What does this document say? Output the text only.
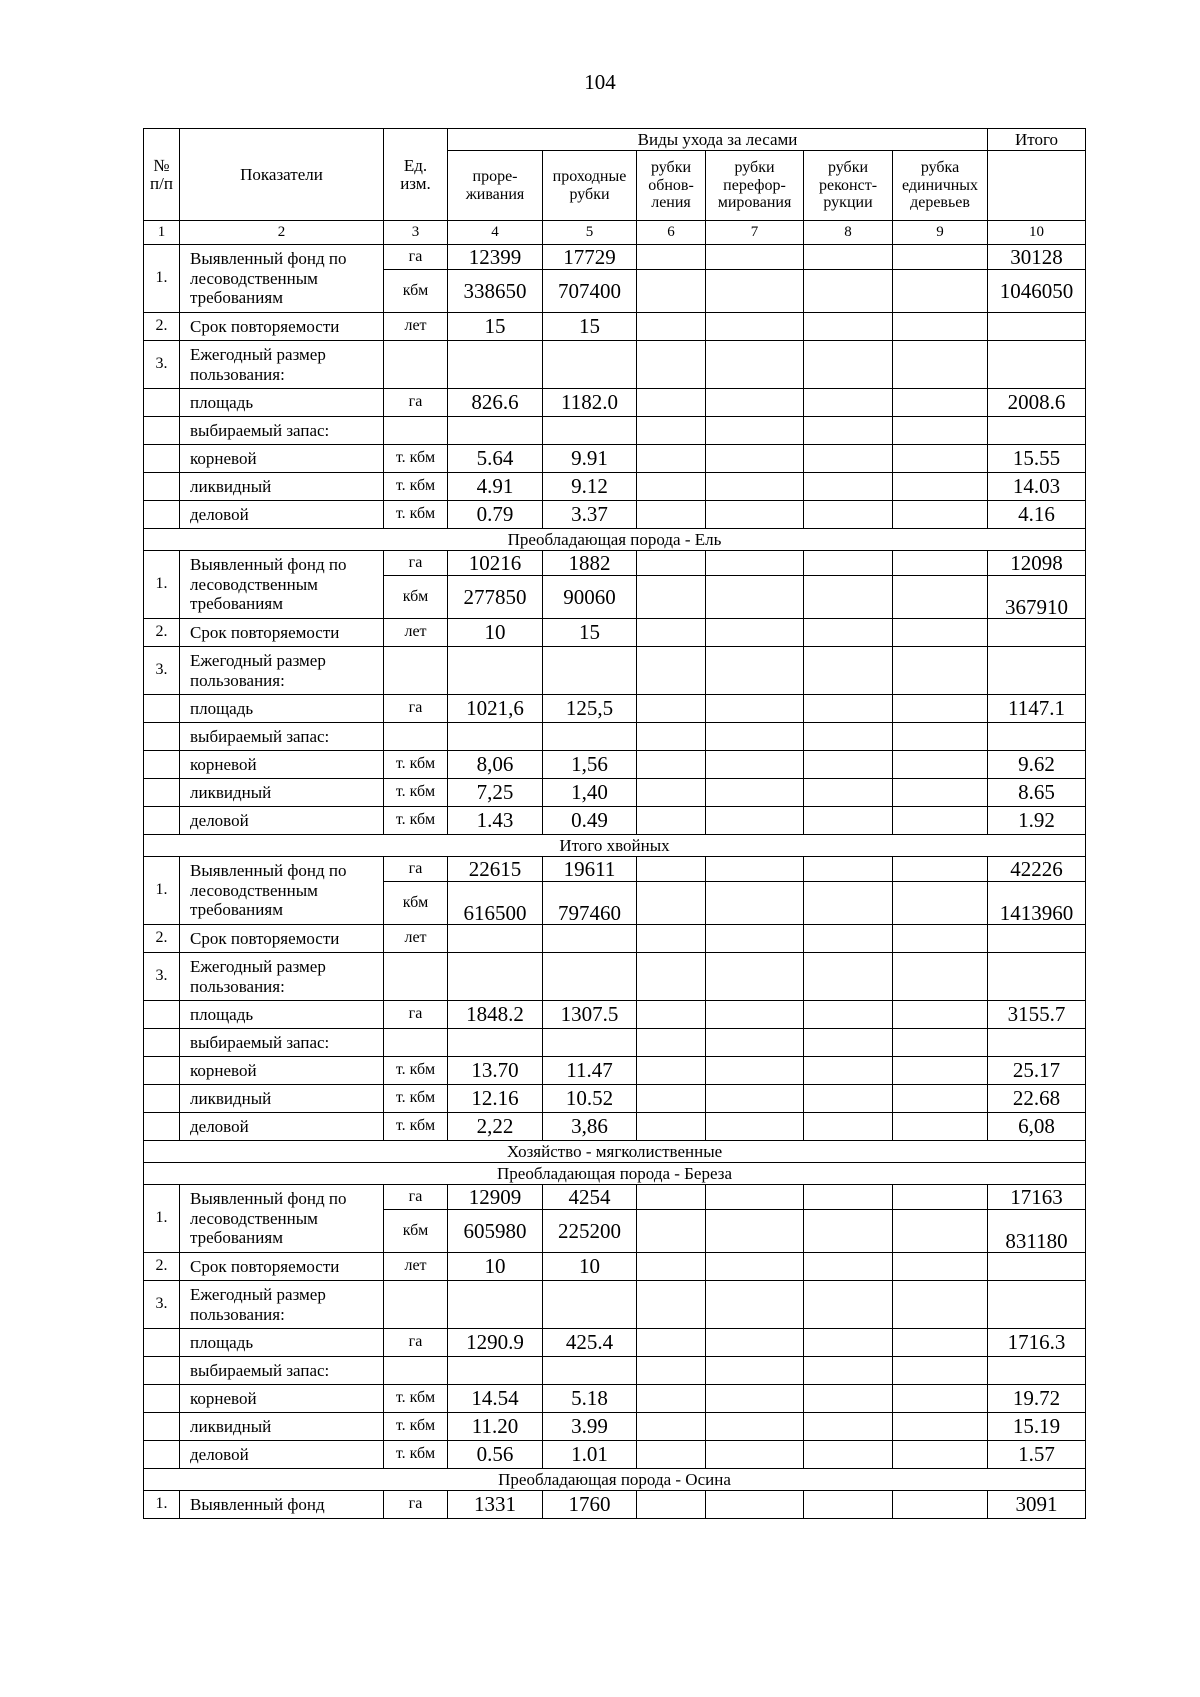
104
№ п/п	Показатели	Ед. изм.	Виды ухода за лесами						Итого
			проре-живания	проходные рубки	рубки обнов-ления	рубки перефор-мирования	рубки реконст-рукции	рубка единичных деревьев	
1	2	3	4	5	6	7	8	9	10
1.	Выявленный фонд по лесоводственным требованиям	га	12399	17729					30128
		кбм	338650	707400					1046050
2.	Срок повторяемости	лет	15	15					
3.	Ежегодный размер пользования:								
	площадь	га	826.6	1182.0					2008.6
	выбираемый запас:								
	корневой	т. кбм	5.64	9.91					15.55
	ликвидный	т. кбм	4.91	9.12					14.03
	деловой	т. кбм	0.79	3.37					4.16
Преобладающая порода - Ель									
1.	Выявленный фонд по лесоводственным требованиям	га	10216	1882					12098
		кбм	277850	90060					367910
2.	Срок повторяемости	лет	10	15					
3.	Ежегодный размер пользования:								
	площадь	га	1021,6	125,5					1147.1
	выбираемый запас:								
	корневой	т. кбм	8,06	1,56					9.62
	ликвидный	т. кбм	7,25	1,40					8.65
	деловой	т. кбм	1.43	0.49					1.92
Итого хвойных									
1.	Выявленный фонд по лесоводственным требованиям	га	22615	19611					42226
		кбм	616500	797460					1413960
2.	Срок повторяемости	лет							
3.	Ежегодный размер пользования:								
	площадь	га	1848.2	1307.5					3155.7
	выбираемый запас:								
	корневой	т. кбм	13.70	11.47					25.17
	ликвидный	т. кбм	12.16	10.52					22.68
	деловой	т. кбм	2,22	3,86					6,08
Хозяйство - мягколиственные									
Преобладающая порода - Береза									
1.	Выявленный фонд по лесоводственным требованиям	га	12909	4254					17163
		кбм	605980	225200					831180
2.	Срок повторяемости	лет	10	10					
3.	Ежегодный размер пользования:								
	площадь	га	1290.9	425.4					1716.3
	выбираемый запас:								
	корневой	т. кбм	14.54	5.18					19.72
	ликвидный	т. кбм	11.20	3.99					15.19
	деловой	т. кбм	0.56	1.01					1.57
Преобладающая порода - Осина									
1.	Выявленный фонд	га	1331	1760					3091
